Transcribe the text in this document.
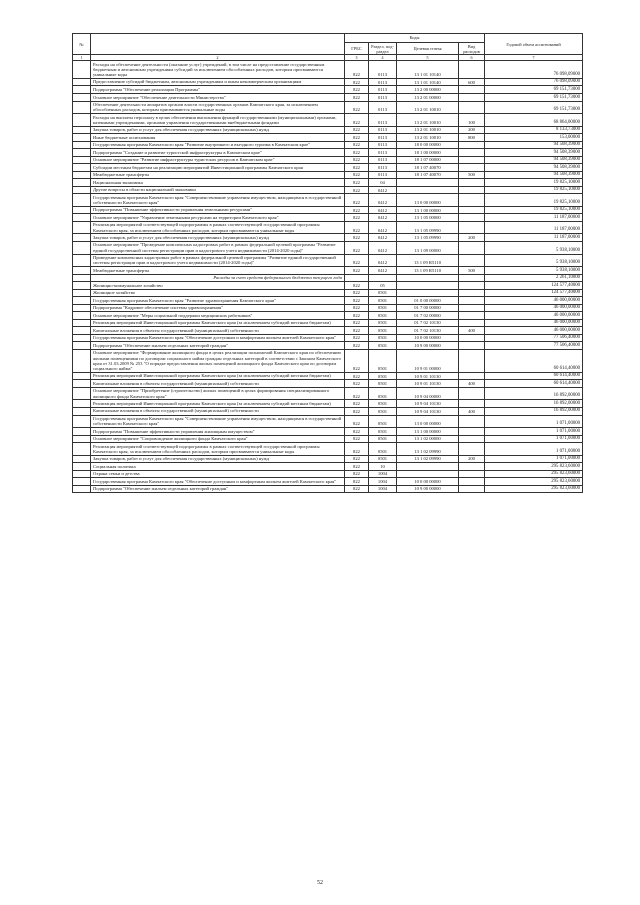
№		Коды				Годовой объем ассигнований
		ГРБС	Раздел, под-раздел	Целевая статья	Вид расходов	
1	2	3	4	5	6	7
	Расходы на обеспечение деятельности (оказание услуг) учреждений, в том числе на предоставление государственным бюджетным и автономным учреждениям субсидий за исключением обособленных расходов, которым присваиваются уникальные коды	822	0113	13 1 01 10140		76 098,09000
	Предоставление субсидий бюджетным, автономным учреждениям и иным некоммерческим организациям	822	0113	13 1 01 10140	600	76 098,09000
	Подпрограмма "Обеспечение реализации Программы"	822	0113	13 2 00 00000		69 151,73000
	Основное мероприятие "Обеспечение деятельности Министерства"	822	0113	13 2 01 00000		69 151,73000
	Обеспечение деятельности аппаратов органов власти государственных органов Камчатского края, за исключением обособленных расходов, которым присваиваются уникальные коды	822	0113	13 2 01 10010		69 151,73000
	Расходы на выплаты персоналу в целях обеспечения выполнения функций государственными (муниципальными) органами, казенными учреждениями, органами управления государственными внебюджетными фондами	822	0113	13 2 01 10010	100	68 864,00000
	Закупка товаров, работ и услуг для обеспечения государственных (муниципальных) нужд	822	0113	13 2 01 10010	200	8 133,73000
	Иные бюджетные ассигнования	822	0113	13 2 01 10010	800	153,00000
	Государственная программа Камчатского края "Развитие внутреннего и въездного туризма в Камчатском крае"	822	0113	18 0 00 00000		94 508,39000
	Подпрограмма "Создание и развитие туристской инфраструктуры в Камчатском крае"	822	0113	18 1 00 00000		94 508,39000
	Основное мероприятие "Развитие инфраструктуры туристских ресурсов в Камчатском крае"	822	0113	18 1 07 00000		94 508,39000
	Субсидии местным бюджетам на реализацию мероприятий Инвестиционной программы Камчатского края	822	0113	18 1 07 40070		94 508,39000
	Межбюджетные трансферты	822	0113	18 1 07 40070	500	94 508,39000
	Национальная экономика	822	04			19 825,10000
	Другие вопросы в области национальной экономики	822	0412			19 825,10000
	Государственная программа Камчатского края "Совершенствование управления имуществом, находящимся в государственной собственности Камчатского края"	822	0412	13 0 00 00000		19 825,10000
	Подпрограмма "Повышение эффективности управления земельными ресурсами"	822	0412	13 1 00 00000		19 825,10000
	Основное мероприятие "Управление земельными ресурсами на территории Камчатского края"	822	0412	13 1 05 00000		11 187,00000
	Реализация мероприятий соответствующей подпрограммы в рамках соответствующей государственной программы Камчатского края, за исключением обособленных расходов, которым присваиваются уникальные коды	822	0412	13 1 05 09990		11 187,00000
	Закупка товаров, работ и услуг для обеспечения государственных (муниципальных) нужд	822	0412	13 1 05 09990	200	11 187,00000
	Основное мероприятие "Проведение комплексных кадастровых работ в рамках федеральной целевой программы "Развитие единой государственной системы регистрации прав и кадастрового учета недвижимости (2014-2020 годы)"	822	0412	13 1 09 00000		5 938,10000
	Проведение комплексных кадастровых работ в рамках федеральной целевой программы "Развитие единой государственной системы регистрации прав и кадастрового учета недвижимости (2014-2020 годы)"	822	0412	13 1 09 R5110		5 938,10000
	Межбюджетные трансферты	822	0412	13 1 09 R5110	500	5 938,10000
	Расходы за счет средств федерального бюджета текущего года					2 261,10000
	Жилищно-коммунальное хозяйство	822	05			124 577,40000
	Жилищное хозяйство	822	0501			124 577,40000
	Государственная программа Камчатского края "Развитие здравоохранения Камчатского края"	822	0501	01 0 00 00000		46 000,00000
	Подпрограмма "Кадровое обеспечение системы здравоохранения"	822	0501	01 7 00 00000		46 000,00000
	Основное мероприятие "Меры социальной поддержки медицинских работников"	822	0501	01 7 02 00000		46 000,00000
	Реализация мероприятий Инвестиционной программы Камчатского края (за исключением субсидий местным бюджетам)	822	0501	01 7 02 10130		46 000,00000
	Капитальные вложения в объекты государственной (муниципальной) собственности	822	0501	01 7 02 10130	400	46 000,00000
	Государственная программа Камчатского края "Обеспечение доступным и комфортным жильем жителей Камчатского края"	822	0501	10 0 00 00000		77 506,40000
	Подпрограмма "Обеспечение жильем отдельных категорий граждан"	822	0501	10 9 00 00000		77 506,40000
	Основное мероприятие "Формирование жилищного фонда в целях реализации полномочий Камчатского края по обеспечению жилыми помещениями по договорам социального найма граждан отдельных категорий в соответствии с Законом Камчатского края от 31.03.2009 № 253 "О порядке предоставления жилых помещений жилищного фонда Камчатского края по договорам социального найма"	822	0501	10 9 01 00000		60 614,40000
	Реализация мероприятий Инвестиционной программы Камчатского края (за исключением субсидий местным бюджетам)	822	0501	10 9 01 10130		60 614,40000
	Капитальные вложения в объекты государственной (муниципальной) собственности	822	0501	10 9 01 10130	400	60 614,40000
	Основное мероприятие "Приобретение (строительство) жилых помещений в целях формирования специализированного жилищного фонда Камчатского края"	822	0501	10 9 04 00000		16 892,00000
	Реализация мероприятий Инвестиционной программы Камчатского края (за исключением субсидий местным бюджетам)	822	0501	10 9 04 10130		16 892,00000
	Капитальные вложения в объекты государственной (муниципальной) собственности	822	0501	10 9 04 10130	400	16 892,00000
	Государственная программа Камчатского края "Совершенствование управления имуществом, находящимся в государственной собственности Камчатского края"	822	0501	13 0 00 00000		1 071,00000
	Подпрограмма "Повышение эффективности управления жилищным имуществом"	822	0501	13 1 00 00000		1 071,00000
	Основное мероприятие "Сопровождение жилищного фонда Камчатского края"	822	0501	13 1 02 00000		1 071,00000
	Реализация мероприятий соответствующей подпрограммы в рамках соответствующей государственной программы Камчатского края, за исключением обособленных расходов, которым присваиваются уникальные коды	822	0501	13 1 02 09990		1 071,00000
	Закупка товаров, работ и услуг для обеспечения государственных (муниципальных) нужд	822	0501	13 1 02 09990	200	1 071,00000
	Социальная политика	822	10			295 823,60000
	Охрана семьи и детства	822	1004			295 823,60000
	Государственная программа Камчатского края "Обеспечение доступным и комфортным жильем жителей Камчатского края"	822	1004	10 0 00 00000		295 823,60000
	Подпрограмма "Обеспечение жильем отдельных категорий граждан"	822	1004	10 9 00 00000		295 823,60000
52
